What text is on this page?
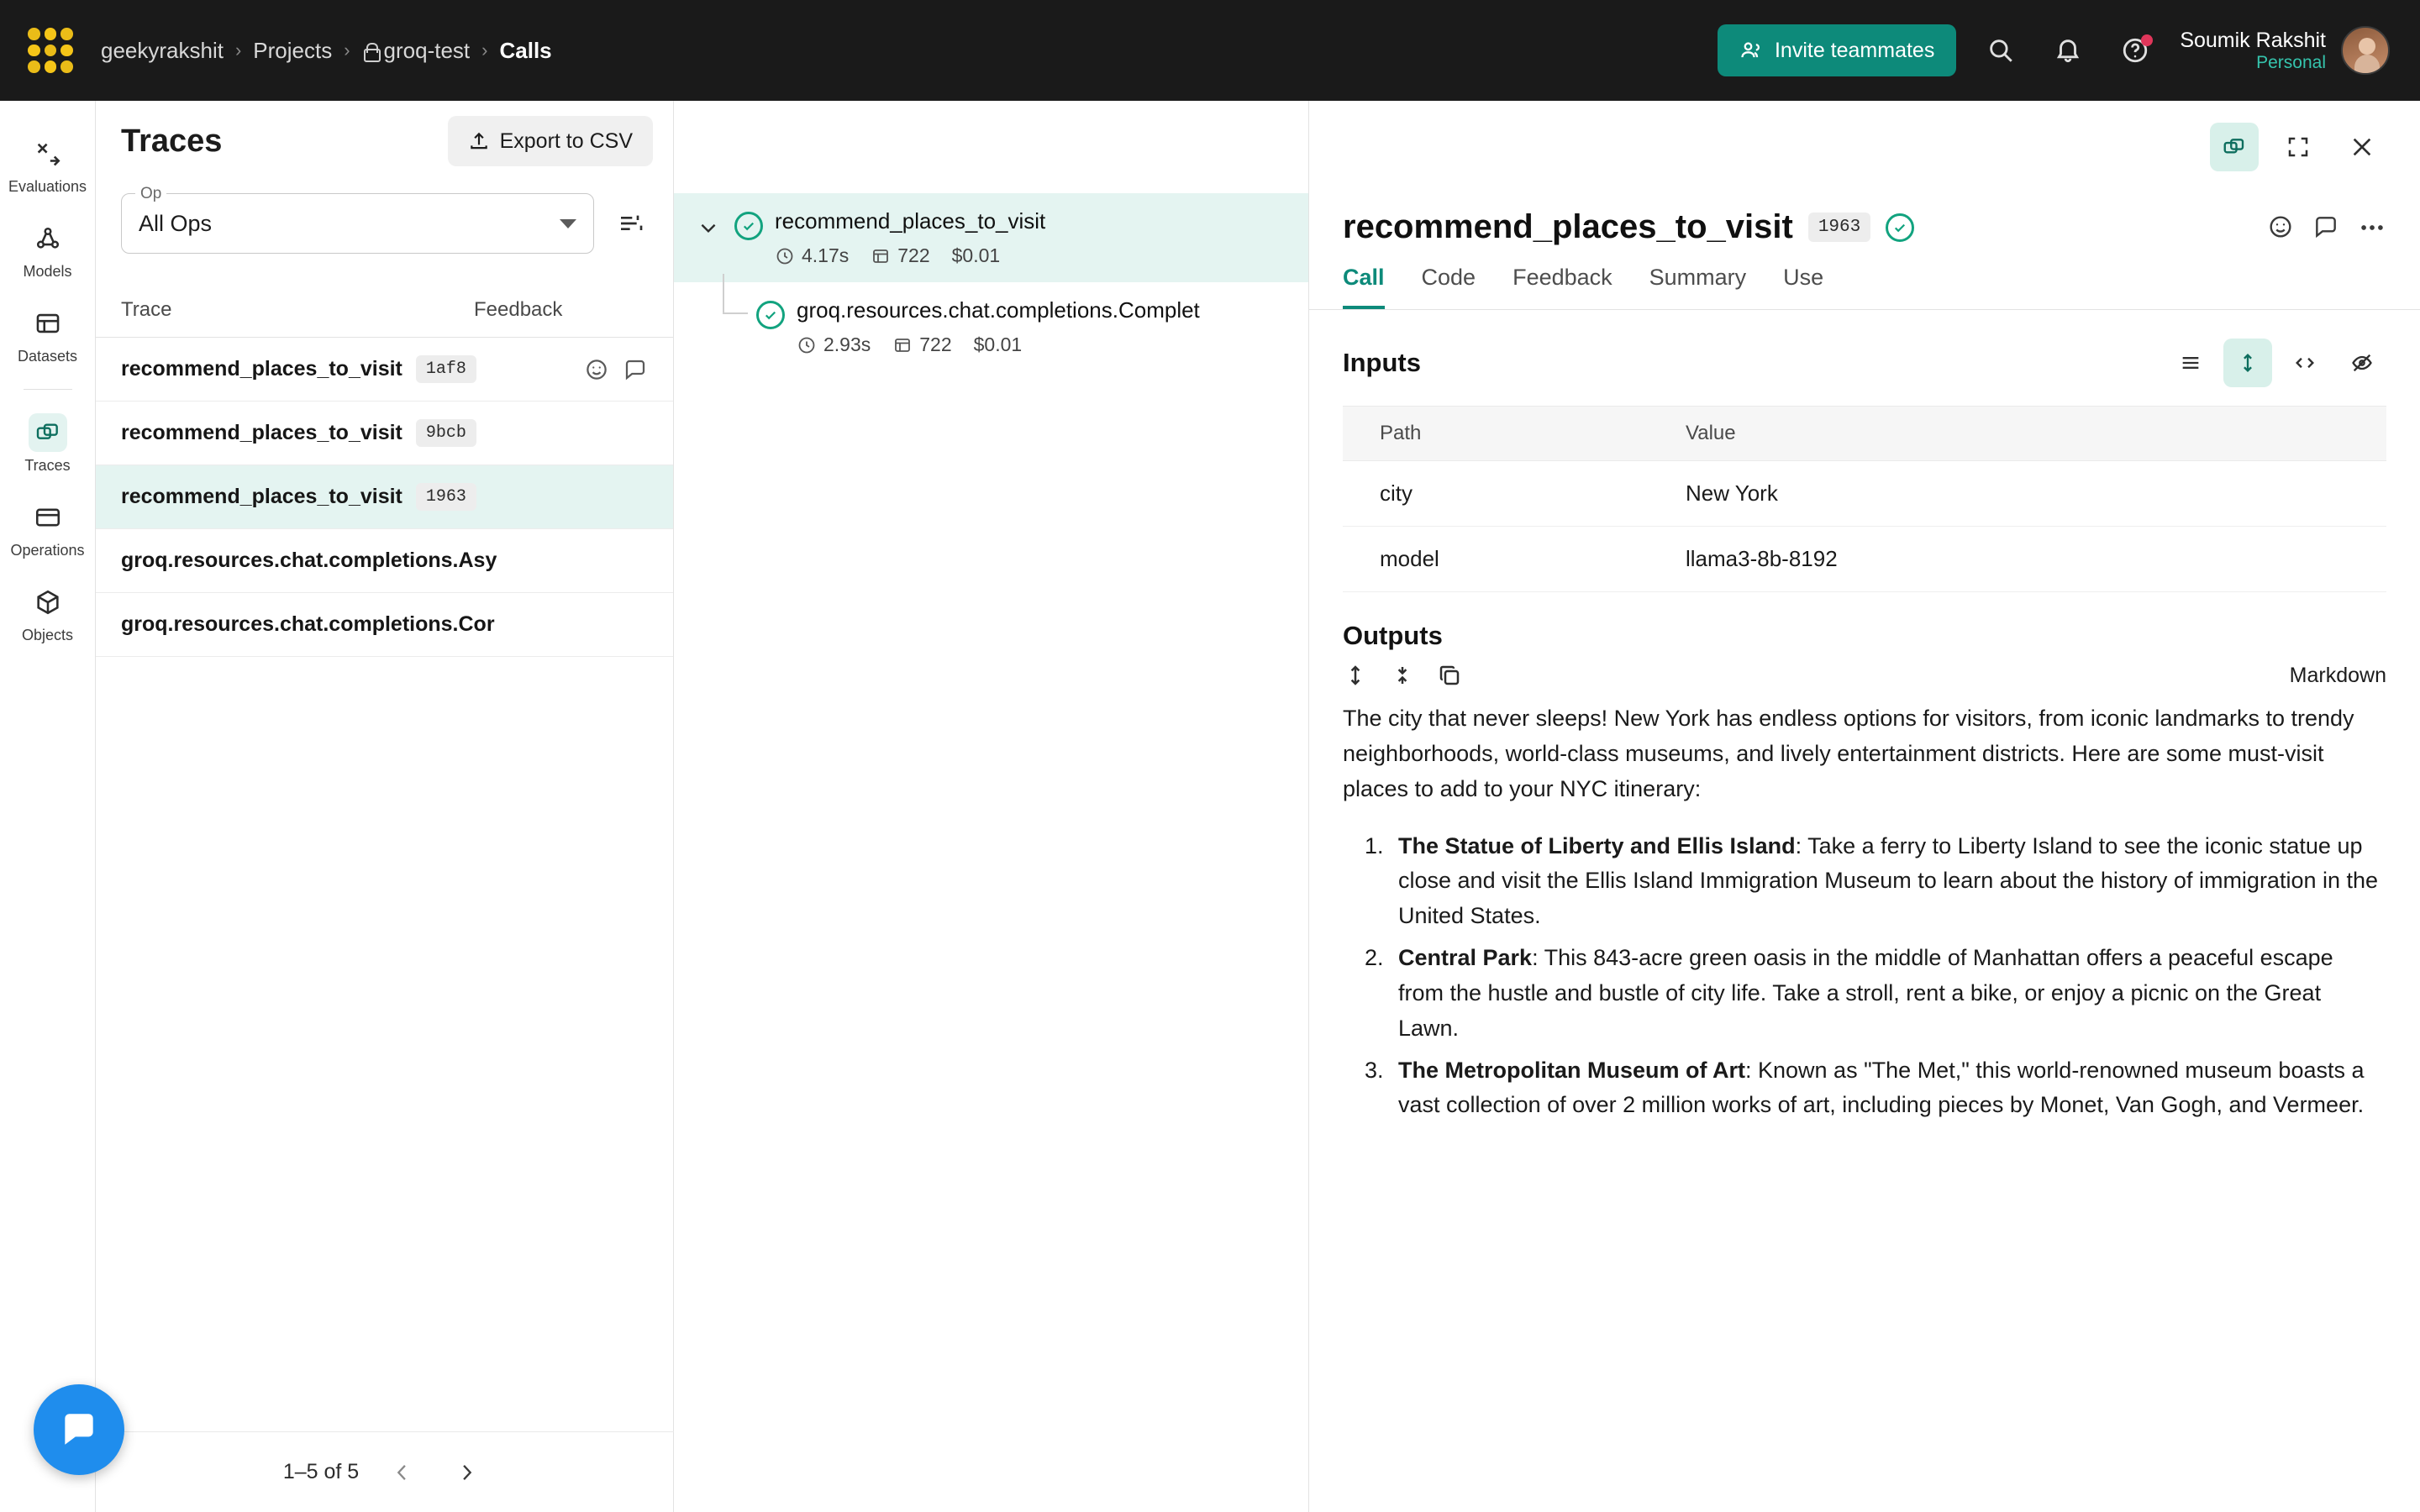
geekyrakshit › Projects ›	groq-test › Calls	Invite teammates	Soumik Rakshit
Personal
Evaluations
Models
Datasets
Traces
Operations
Objects
Traces	Export to CSV
Op
All Ops
Trace	Feedback
recommend_places_to_visit	1af8
recommend_places_to_visit	9bcb
recommend_places_to_visit	1963
groq.resources.chat.completions.Asy
groq.resources.chat.completions.Cor
1–5 of 5
recommend_places_to_visit
4.17s	722 $0.01
groq.resources.chat.completions.Complet
2.93s	722 $0.01
recommend_places_to_visit	1963
Call Code Feedback Summary Use
Inputs
Path	Value
city	New York
model	llama3-8b-8192
Outputs
Markdown

The city that never sleeps! New York has endless options for visitors, from iconic landmarks to trendy neighborhoods, world-class museums, and lively entertainment districts. Here are some must-visit places to add to your NYC itinerary:

1. The Statue of Liberty and Ellis Island: Take a ferry to Liberty Island to see the iconic statue up close and visit the Ellis Island Immigration Museum to learn about the history of immigration in the United States.
2. Central Park: This 843-acre green oasis in the middle of Manhattan offers a peaceful escape from the hustle and bustle of city life. Take a stroll, rent a bike, or enjoy a picnic on the Great Lawn.
3. The Metropolitan Museum of Art: Known as "The Met," this world-renowned museum boasts a vast collection of over 2 million works of art, including pieces by Monet, Van Gogh, and Vermeer.
